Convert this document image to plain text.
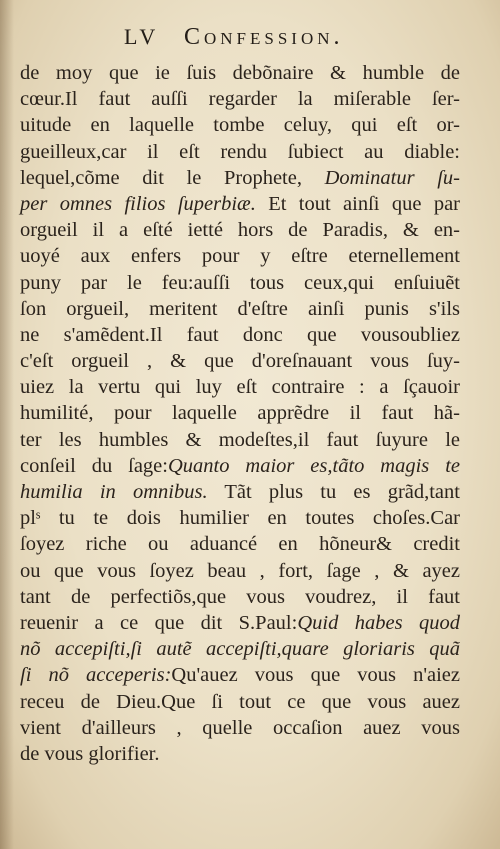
LV Confession.
de moy que ie ſuis debõnaire & humble de
cœur.Il faut auſſi regarder la miſerable ſer-
uitude en laquelle tombe celuy, qui eſt or-
gueilleux,car il eſt rendu ſubiect au diable:
lequel,cõme dit le Prophete, Dominatur ſu-
per omnes filios ſuperbiæ. Et tout ainſi que par
orgueil il a eſté ietté hors de Paradis, & en-
uoyé aux enfers pour y eſtre eternellement
puny par le feu:auſſi tous ceux,qui enſuiuẽt
ſon orgueil, meritent d'eſtre ainſi punis s'ils
ne s'amẽdent.Il faut donc que vousoubliez
c'eſt orgueil , & que d'oreſnauant vous ſuy-
uiez la vertu qui luy eſt contraire : a ſçauoir
humilité, pour laquelle apprẽdre il faut hã-
ter les humbles & modeſtes,il faut ſuyure le
conſeil du ſage:Quanto maior es,tãto magis te
humilia in omnibus. Tãt plus tu es grãd,tant
plˢ tu te dois humilier en toutes choſes.Car
ſoyez riche ou aduancé en hõneur& credit
ou que vous ſoyez beau , fort, ſage , & ayez
tant de perfectiõs,que vous voudrez, il faut
reuenir a ce que dit S.Paul:Quid habes quod
nõ accepiſti,ſi autẽ accepiſti,quare gloriaris quã
ſi nõ acceperis:Qu'auez vous que vous n'aiez
receu de Dieu.Que ſi tout ce que vous auez
vient d'ailleurs , quelle occaſion auez vous
de vous glorifier.
